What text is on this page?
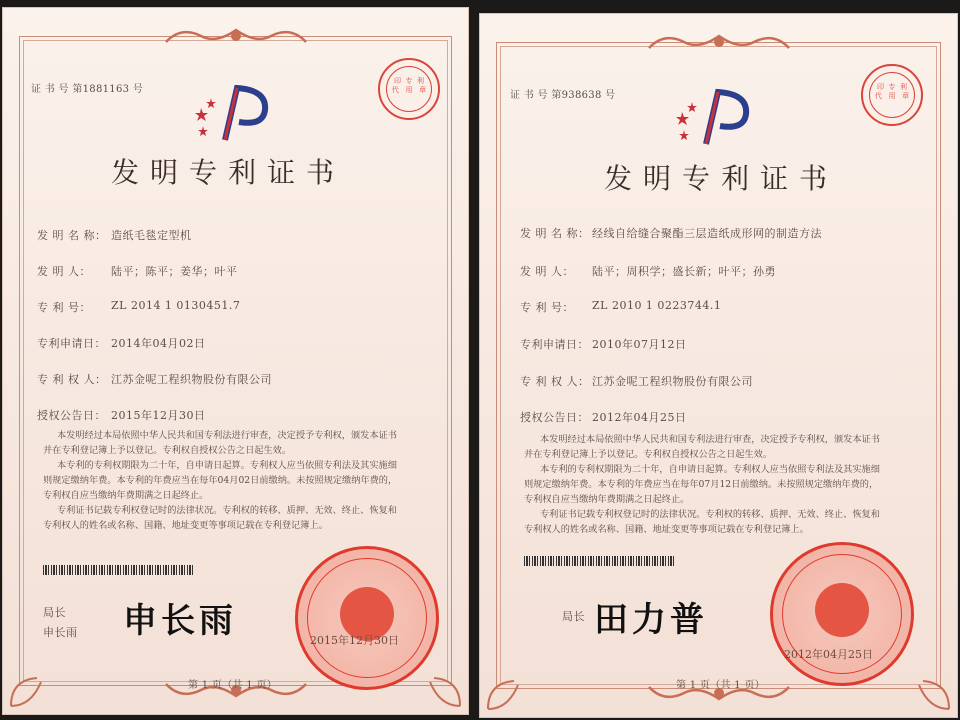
证 书 号 第1881163 号
印  专  利
代   用   章
发明专利证书
发 明 名 称： 造纸毛毯定型机
发 明 人： 陆平；陈平；姜华；叶平
专 利 号： ZL 2014 1 0130451.7
专利申请日： 2014年04月02日
专 利 权 人： 江苏金呢工程织物股份有限公司
授权公告日： 2015年12月30日
本发明经过本局依照中华人民共和国专利法进行审查，决定授予专利权，颁发本证书
并在专利登记簿上予以登记。专利权自授权公告之日起生效。
本专利的专利权期限为二十年，自申请日起算。专利权人应当依照专利法及其实施细
则规定缴纳年费。本专利的年费应当在每年04月02日前缴纳。未按照规定缴纳年费的，
专利权自应当缴纳年费期满之日起终止。
专利证书记载专利权登记时的法律状况。专利权的转移、质押、无效、终止、恢复和
专利权人的姓名或名称、国籍、地址变更等事项记载在专利登记簿上。
局长
申长雨 申长雨	2015年12月30日
第 1 页（共 1 页）
证 书 号 第938638 号
印  专  利
代   用   章
发明专利证书
发 明 名 称： 经线自给缝合聚酯三层造纸成形网的制造方法
发 明 人： 陆平；周积学；盛长新；叶平；孙勇
专 利 号： ZL 2010 1 0223744.1
专利申请日： 2010年07月12日
专 利 权 人： 江苏金呢工程织物股份有限公司
授权公告日： 2012年04月25日
本发明经过本局依照中华人民共和国专利法进行审查，决定授予专利权，颁发本证书
并在专利登记簿上予以登记。专利权自授权公告之日起生效。
本专利的专利权期限为二十年，自申请日起算。专利权人应当依照专利法及其实施细
则规定缴纳年费。本专利的年费应当在每年07月12日前缴纳。未按照规定缴纳年费的，
专利权自应当缴纳年费期满之日起终止。
专利证书记载专利权登记时的法律状况。专利权的转移、质押、无效、终止、恢复和
专利权人的姓名或名称、国籍、地址变更等事项记载在专利登记簿上。
局长 田力普
2012年04月25日
第 1 页（共 1 页）
